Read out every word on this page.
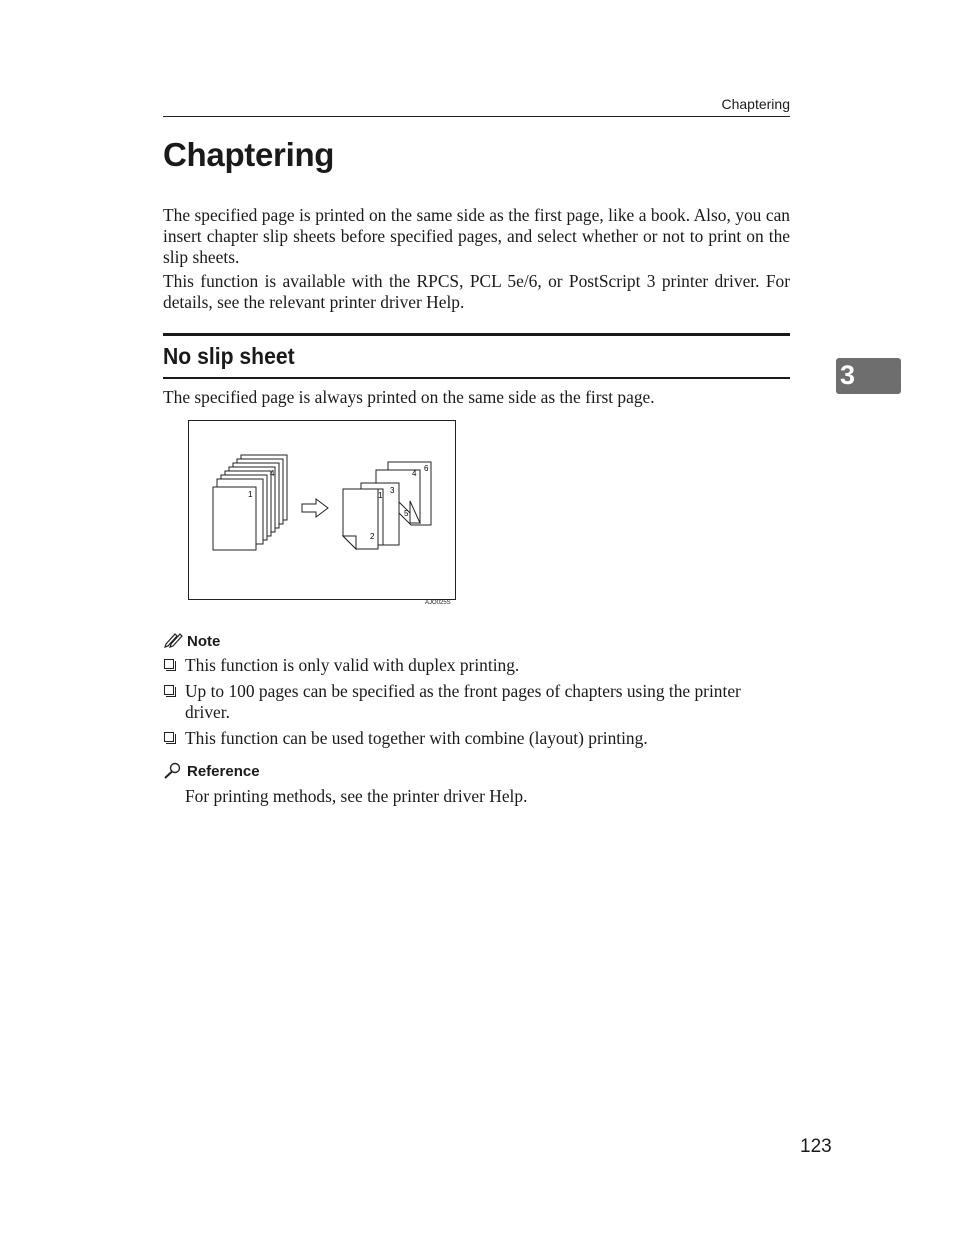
Chaptering
Chaptering

The specified page is printed on the same side as the first page, like a book. Also, you can insert chapter slip sheets before specified pages, and select whether or not to print on the slip sheets.

This function is available with the RPCS, PCL 5e/6, or PostScript 3 printer driver. For details, see the relevant printer driver Help.

No slip sheet

The specified page is always printed on the same side as the first page.

4
1
6
4
3
5
1
2
AJO025S
Note
This function is only valid with duplex printing.
Up to 100 pages can be specified as the front pages of chapters using the printer driver.
This function can be used together with combine (layout) printing.
Reference

For printing methods, see the printer driver Help.

3
123
